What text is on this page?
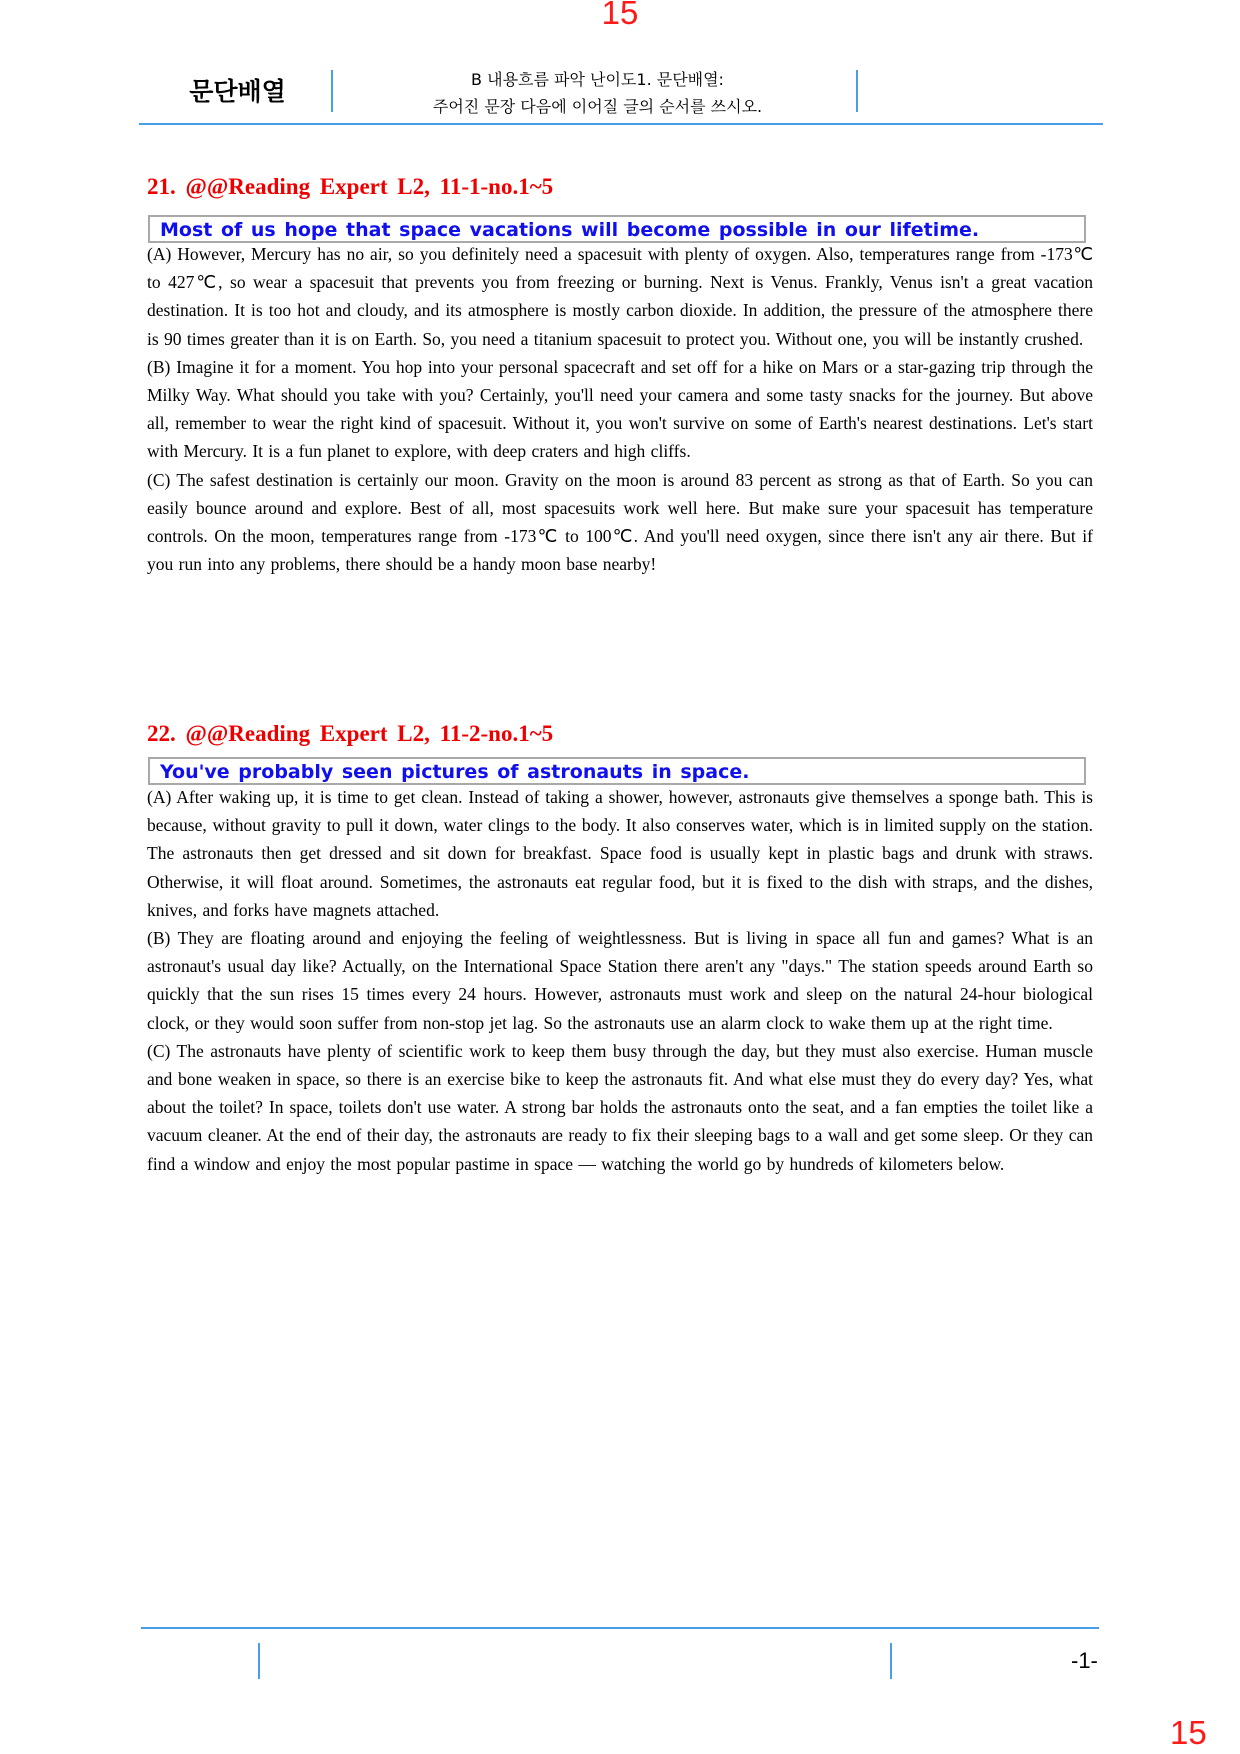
15
문단배열	B 내용흐름 파악 난이도1. 문단배열:
주어진 문장 다음에 이어질 글의 순서를 쓰시오.
21. @@Reading Expert L2, 11-1-no.1~5
Most of us hope that space vacations will become possible in our lifetime.

(A) However, Mercury has no air, so you definitely need a spacesuit with plenty of oxygen. Also, temperatures range from -173℃ to 427℃, so wear a spacesuit that prevents you from freezing or burning. Next is Venus. Frankly, Venus isn't a great vacation destination. It is too hot and cloudy, and its atmosphere is mostly carbon dioxide. In addition, the pressure of the atmosphere there is 90 times greater than it is on Earth. So, you need a titanium spacesuit to protect you. Without one, you will be instantly crushed.

(B) Imagine it for a moment. You hop into your personal spacecraft and set off for a hike on Mars or a star-gazing trip through the Milky Way. What should you take with you? Certainly, you'll need your camera and some tasty snacks for the journey. But above all, remember to wear the right kind of spacesuit. Without it, you won't survive on some of Earth's nearest destinations. Let's start with Mercury. It is a fun planet to explore, with deep craters and high cliffs.

(C) The safest destination is certainly our moon. Gravity on the moon is around 83 percent as strong as that of Earth. So you can easily bounce around and explore. Best of all, most spacesuits work well here. But make sure your spacesuit has temperature controls. On the moon, temperatures range from -173℃ to 100℃. And you'll need oxygen, since there isn't any air there. But if you run into any problems, there should be a handy moon base nearby!

22. @@Reading Expert L2, 11-2-no.1~5
You've probably seen pictures of astronauts in space.

(A) After waking up, it is time to get clean. Instead of taking a shower, however, astronauts give themselves a sponge bath. This is because, without gravity to pull it down, water clings to the body. It also conserves water, which is in limited supply on the station. The astronauts then get dressed and sit down for breakfast. Space food is usually kept in plastic bags and drunk with straws. Otherwise, it will float around. Sometimes, the astronauts eat regular food, but it is fixed to the dish with straps, and the dishes, knives, and forks have magnets attached.

(B) They are floating around and enjoying the feeling of weightlessness. But is living in space all fun and games? What is an astronaut's usual day like? Actually, on the International Space Station there aren't any "days." The station speeds around Earth so quickly that the sun rises 15 times every 24 hours. However, astronauts must work and sleep on the natural 24-hour biological clock, or they would soon suffer from non-stop jet lag. So the astronauts use an alarm clock to wake them up at the right time.

(C) The astronauts have plenty of scientific work to keep them busy through the day, but they must also exercise. Human muscle and bone weaken in space, so there is an exercise bike to keep the astronauts fit. And what else must they do every day? Yes, what about the toilet? In space, toilets don't use water. A strong bar holds the astronauts onto the seat, and a fan empties the toilet like a vacuum cleaner. At the end of their day, the astronauts are ready to fix their sleeping bags to a wall and get some sleep. Or they can find a window and enjoy the most popular pastime in space — watching the world go by hundreds of kilometers below.

-1-
15
